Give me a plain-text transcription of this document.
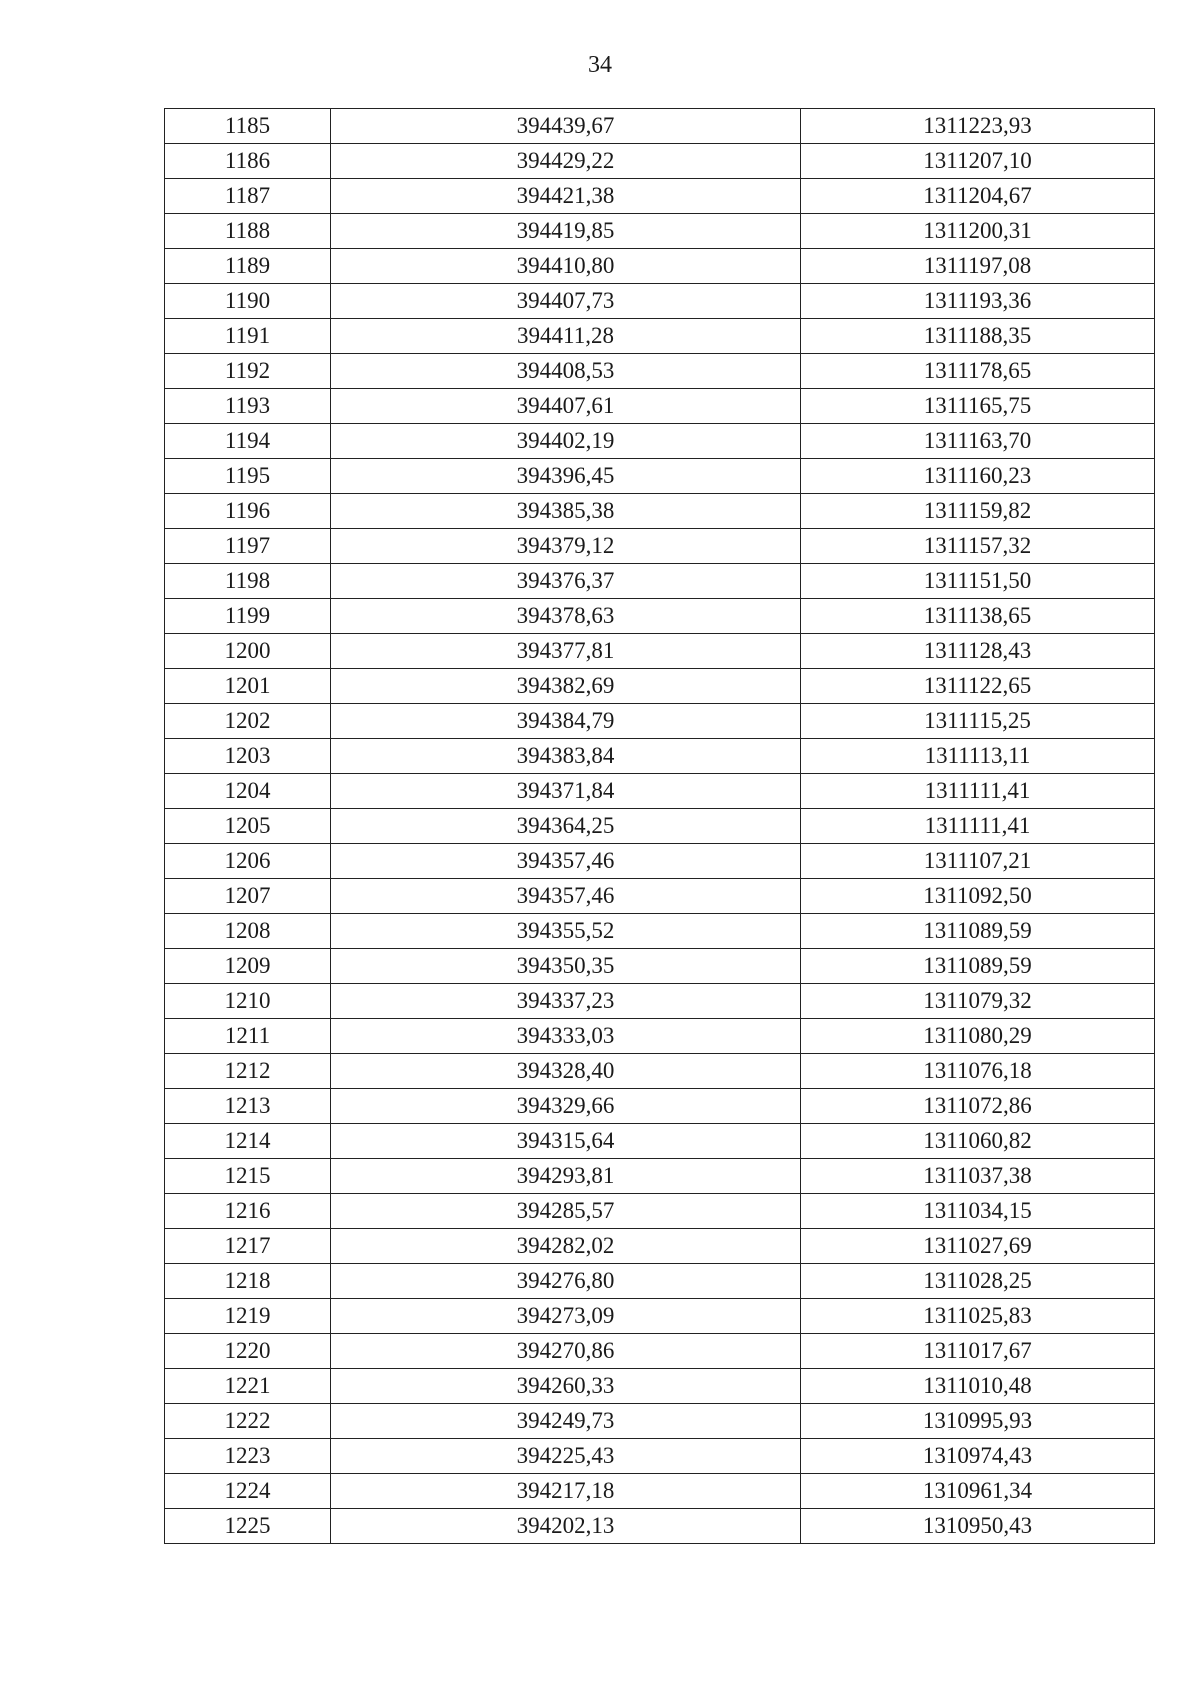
34
1185	394439,67	1311223,93
1186	394429,22	1311207,10
1187	394421,38	1311204,67
1188	394419,85	1311200,31
1189	394410,80	1311197,08
1190	394407,73	1311193,36
1191	394411,28	1311188,35
1192	394408,53	1311178,65
1193	394407,61	1311165,75
1194	394402,19	1311163,70
1195	394396,45	1311160,23
1196	394385,38	1311159,82
1197	394379,12	1311157,32
1198	394376,37	1311151,50
1199	394378,63	1311138,65
1200	394377,81	1311128,43
1201	394382,69	1311122,65
1202	394384,79	1311115,25
1203	394383,84	1311113,11
1204	394371,84	1311111,41
1205	394364,25	1311111,41
1206	394357,46	1311107,21
1207	394357,46	1311092,50
1208	394355,52	1311089,59
1209	394350,35	1311089,59
1210	394337,23	1311079,32
1211	394333,03	1311080,29
1212	394328,40	1311076,18
1213	394329,66	1311072,86
1214	394315,64	1311060,82
1215	394293,81	1311037,38
1216	394285,57	1311034,15
1217	394282,02	1311027,69
1218	394276,80	1311028,25
1219	394273,09	1311025,83
1220	394270,86	1311017,67
1221	394260,33	1311010,48
1222	394249,73	1310995,93
1223	394225,43	1310974,43
1224	394217,18	1310961,34
1225	394202,13	1310950,43
